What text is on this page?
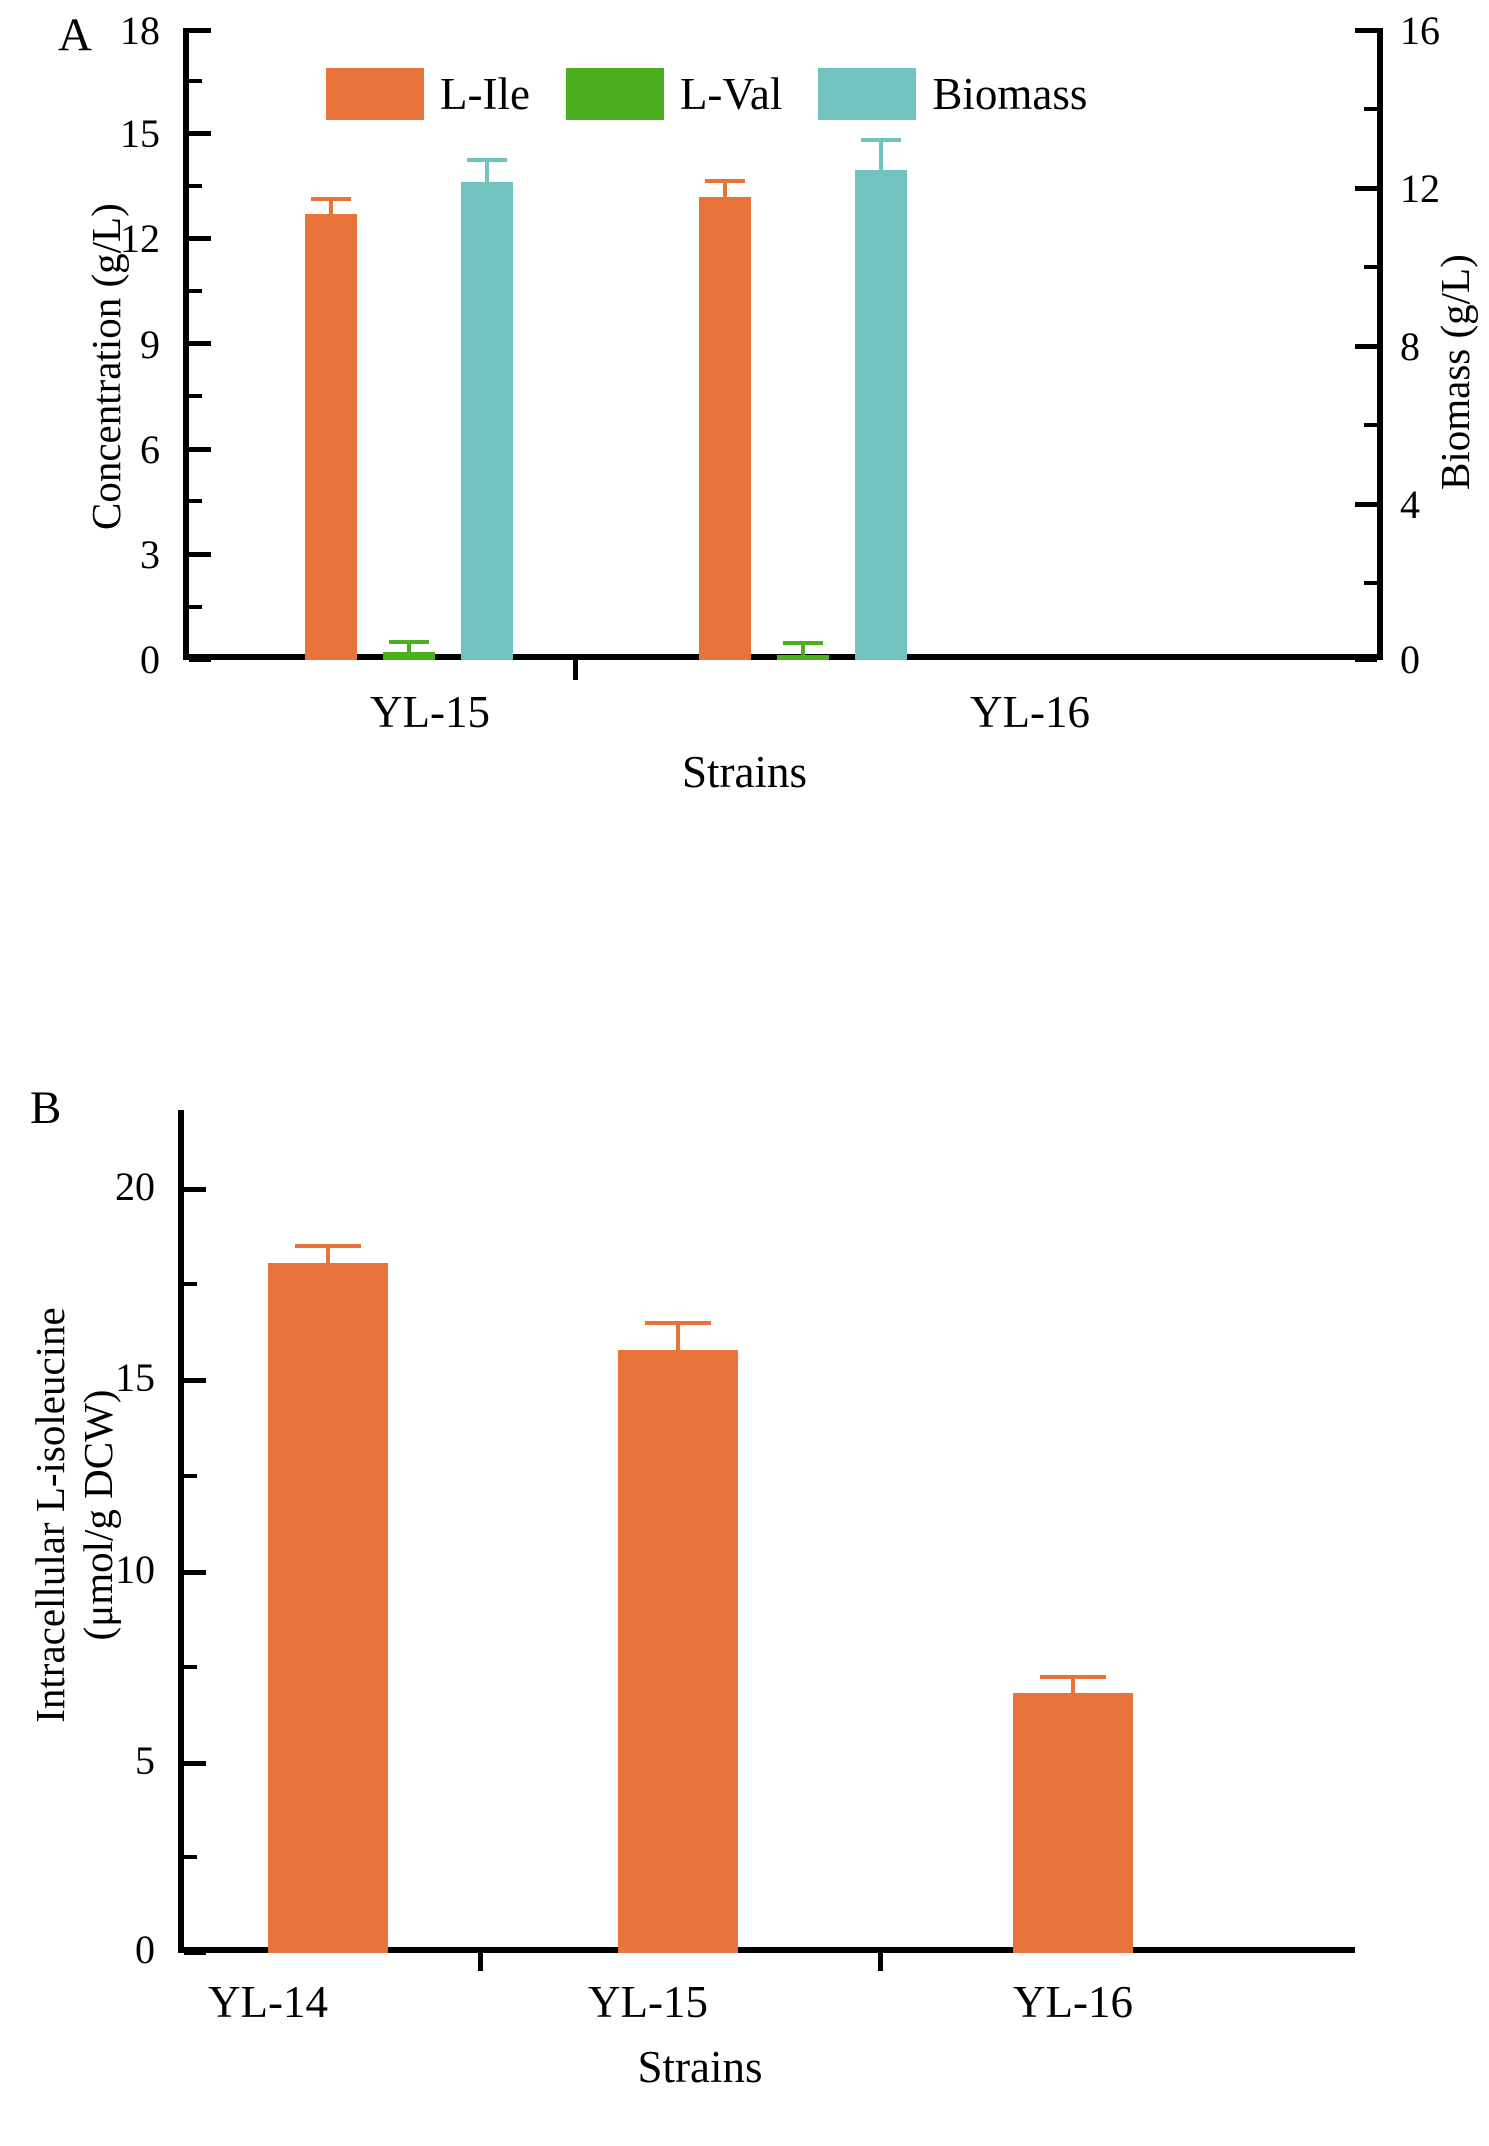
A
Concentration (g/L)	Biomass (g/L)
L-Ile	L-Val	Biomass
0
3
6
9
12
15
18
0
4
8
12
16
YL-15	YL-16
Strains
B
Intracellular L-isoleucine (μmol/g DCW)
0
5
10
15
20
YL-14	YL-15	YL-16
Strains
